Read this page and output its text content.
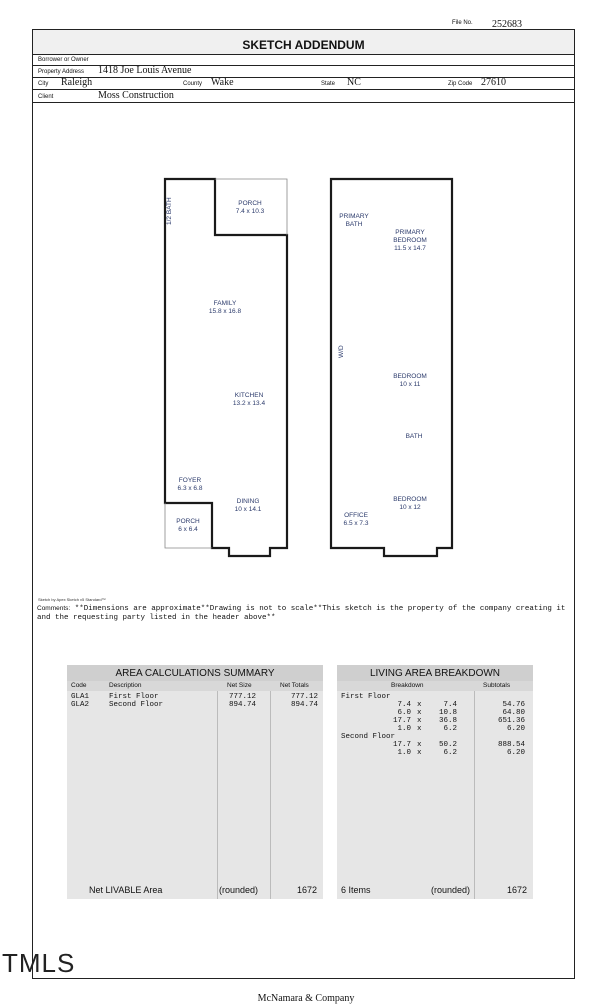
File No. 252683
SKETCH ADDENDUM
Borrower or Owner
Property Address 1418 Joe Louis Avenue
City Raleigh	County Wake	State NC	Zip Code 27610
Client	Moss Construction
1/2 BATH	PORCH
7.4 x 10.3
FAMILY
15.8 x 16.8
KITCHEN
13.2 x 13.4
FOYER
6.3 x 6.8
DINING
10 x 14.1
PORCH
6 x 6.4
PRIMARY
BATH
PRIMARY
BEDROOM
11.5 x 14.7
W/D
BEDROOM
10 x 11
BATH
OFFICE
6.5 x 7.3
BEDROOM
10 x 12
Sketch by Apex Sketch v5 Standard™
Comments: **Dimensions are approximate**Drawing is not to scale**This sketch is the property of the company creating it
and the requesting party listed in the header above**
AREA CALCULATIONS SUMMARY
Code	Description	Net Size	Net Totals
GLA1	First Floor	777.12	777.12
GLA2	Second Floor	894.74	894.74
Net LIVABLE Area	(rounded)	1672
LIVING AREA BREAKDOWN
Breakdown	Subtotals
First Floor
7.4 x	7.4	54.76
6.0 x	10.8	64.80
17.7 x	36.8	651.36
1.0 x	6.2	6.20
Second Floor
17.7 x	50.2	888.54
1.0 x	6.2	6.20
6 Items	(rounded)	1672
TMLS
McNamara & Company
